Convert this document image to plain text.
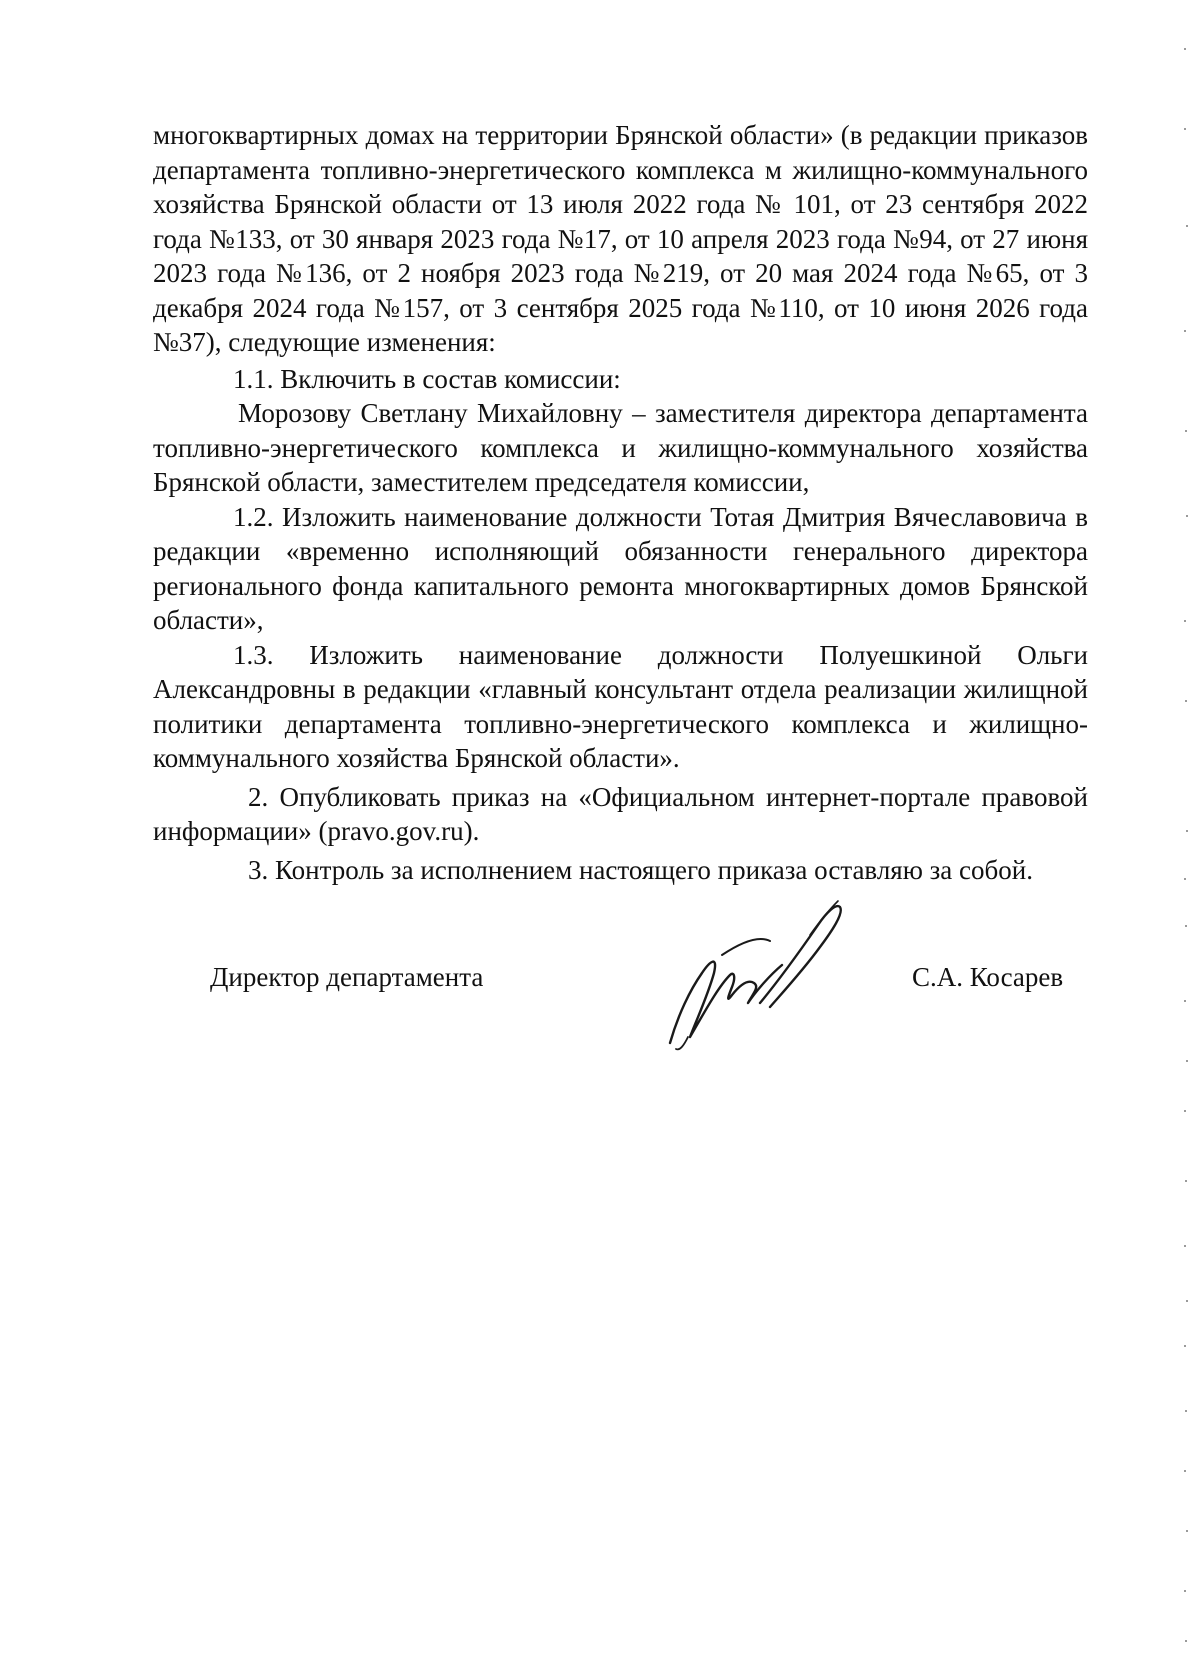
многоквартирных домах на территории Брянской области» (в редакции приказов департамента топливно-энергетического комплекса м жилищно-коммунального хозяйства Брянской области от 13 июля 2022 года № 101, от 23 сентября 2022 года №133, от 30 января 2023 года №17, от 10 апреля 2023 года №94, от 27 июня 2023 года №136, от 2 ноября 2023 года №219, от 20 мая 2024 года №65, от 3 декабря 2024 года №157, от 3 сентября 2025 года №110, от 10 июня 2026 года №37), следующие изменения:

1.1. Включить в состав комиссии:

Морозову Светлану Михайловну – заместителя директора департамента топливно-энергетического комплекса и жилищно-коммунального хозяйства Брянской области, заместителем председателя комиссии,

1.2. Изложить наименование должности Тотая Дмитрия Вячеславовича в редакции «временно исполняющий обязанности генерального директора регионального фонда капитального ремонта многоквартирных домов Брянской области»,

1.3. Изложить наименование должности Полуешкиной Ольги Александровны в редакции «главный консультант отдела реализации жилищной политики департамента топливно-энергетического комплекса и жилищно-коммунального хозяйства Брянской области».

2. Опубликовать приказ на «Официальном интернет-портале правовой информации» (pravo.gov.ru).

3. Контроль за исполнением настоящего приказа оставляю за собой.

Директор департамента	С.А. Косарев
